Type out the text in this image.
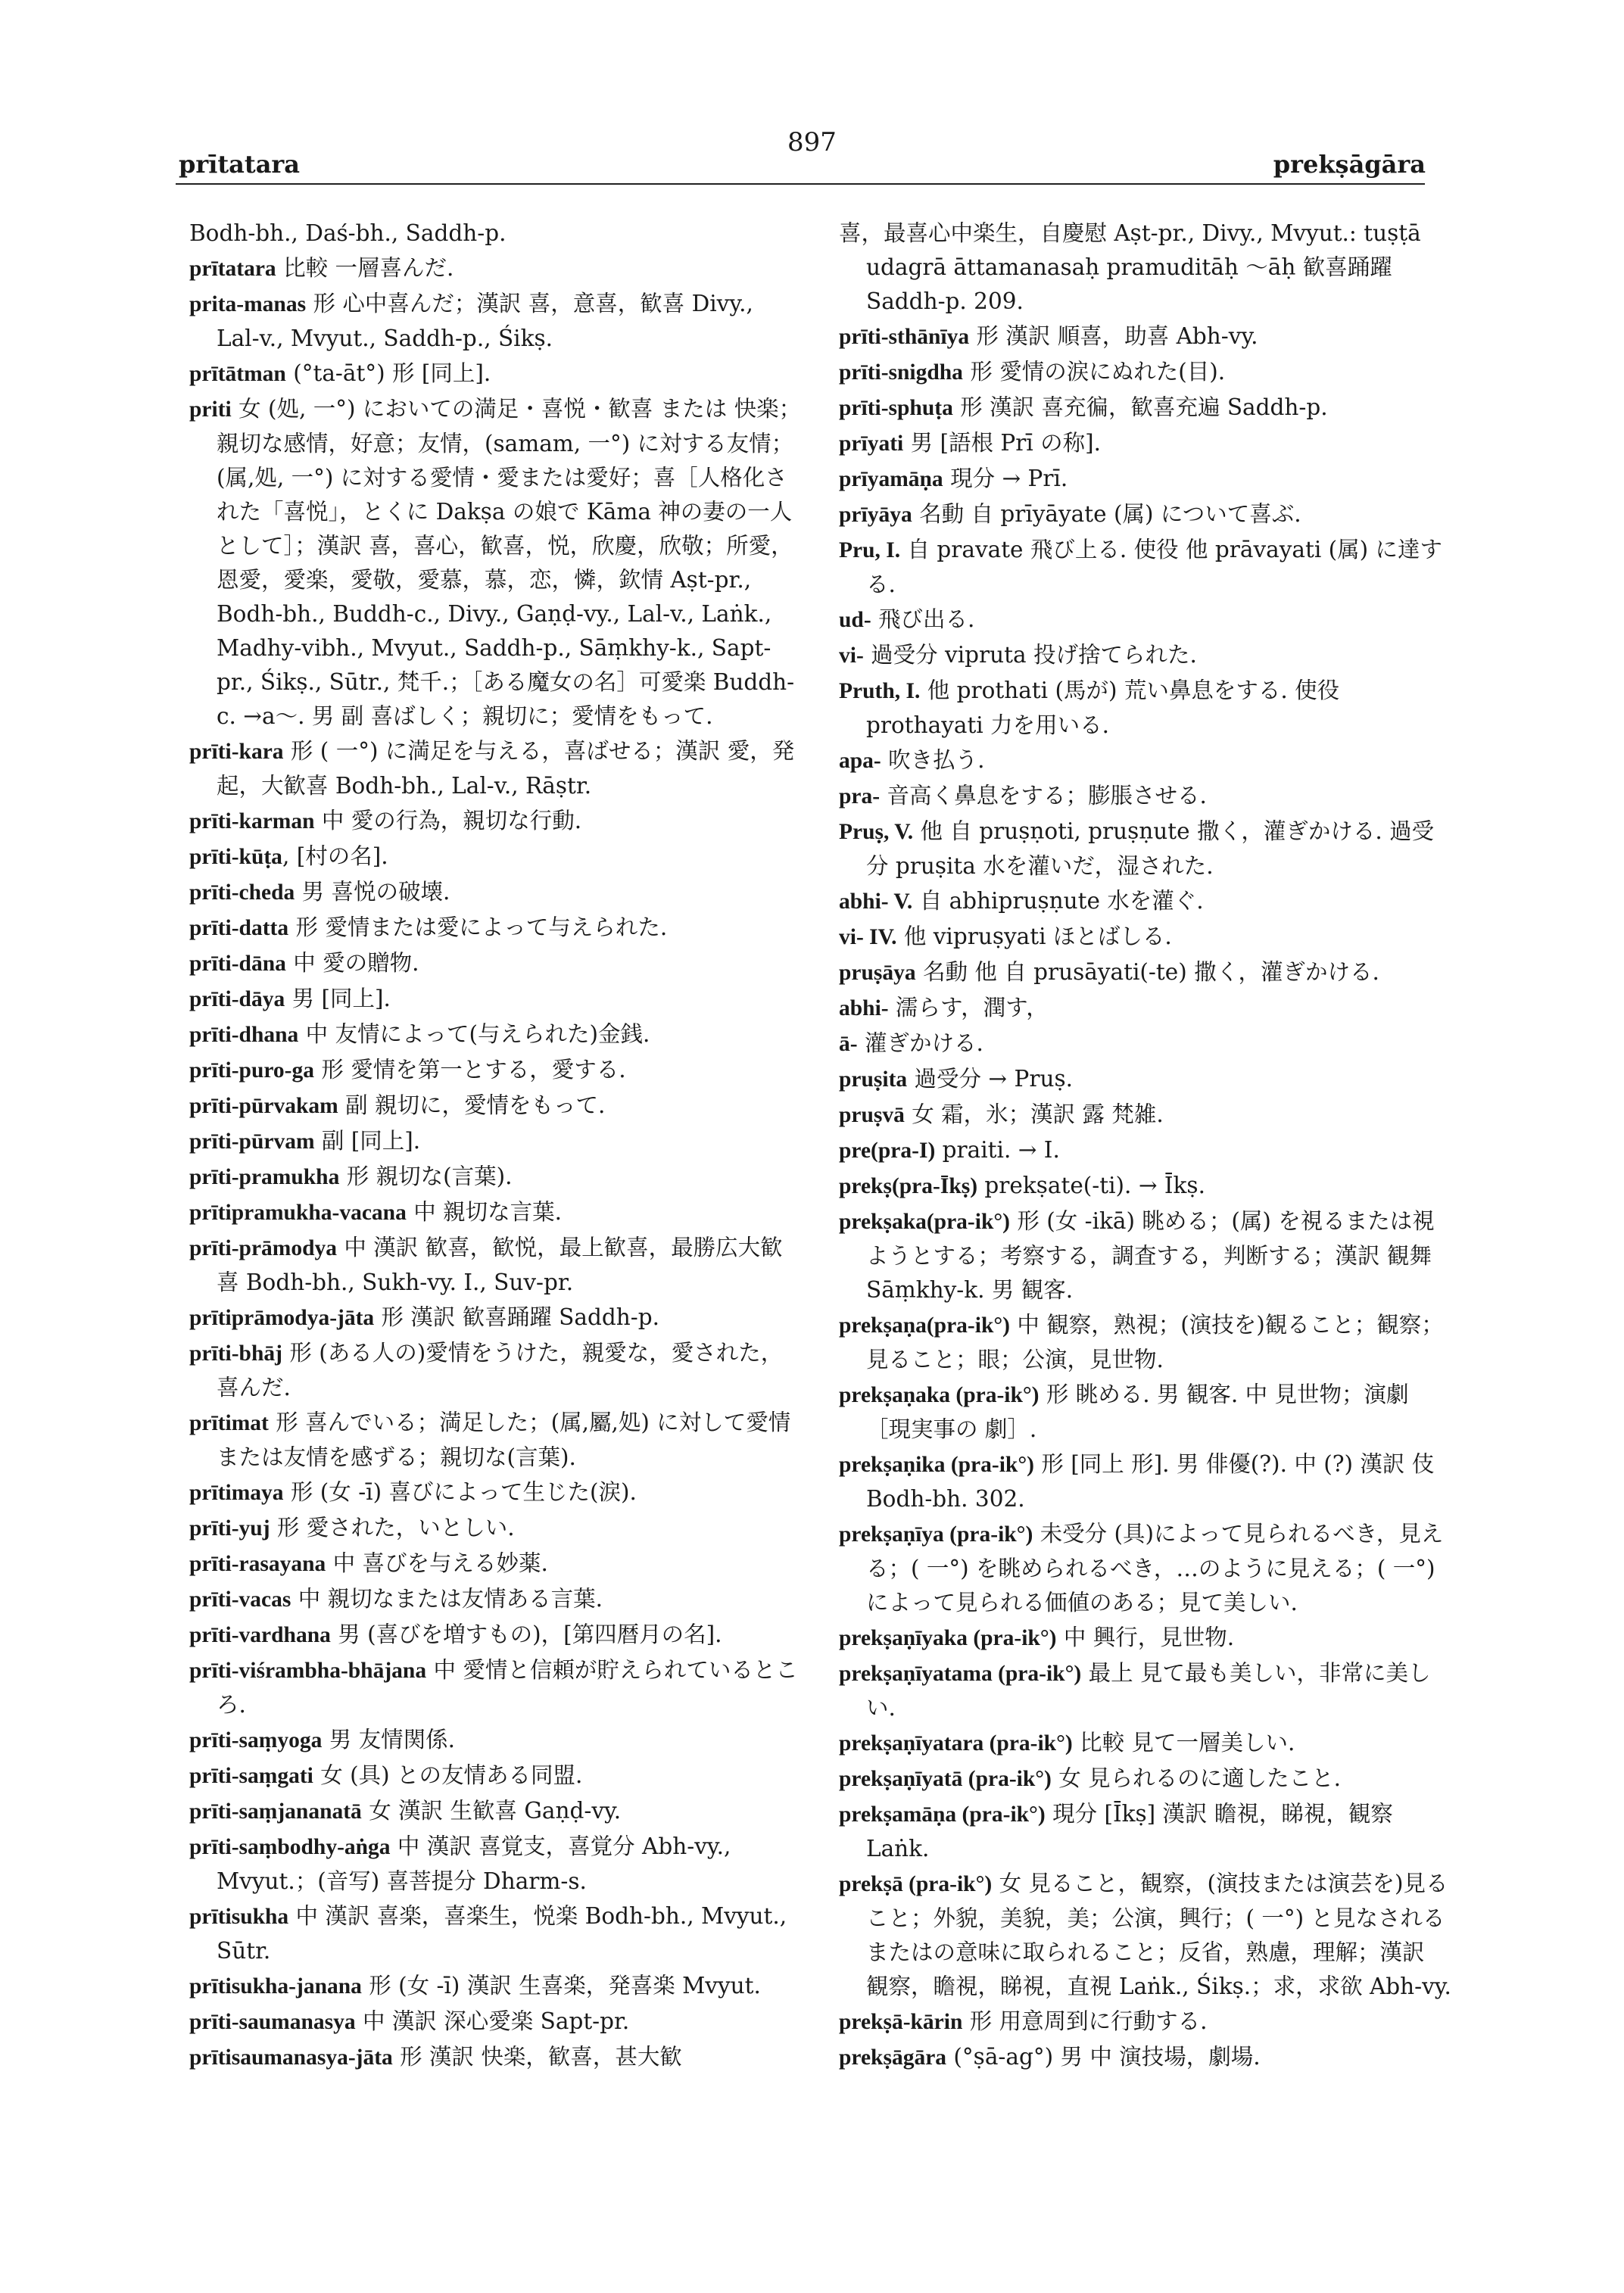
897
prītatara	prekṣāgāra
Bodh-bh., Daś-bh., Saddh-p.
prītatara 比較 一層喜んだ.
prita-manas 形 心中喜んだ；漢訳 喜，意喜，歓喜 Divy., Lal-v., Mvyut., Saddh-p., Śikṣ.
prītātman (°ta-āt°) 形 [同上].
priti 女 (処, 一°) においての満足・喜悦・歓喜 または 快楽；親切な感情，好意；友情，(samam, 一°) に対する友情；(属,処, 一°) に対する愛情・愛または愛好；喜［人格化された「喜悦」，とくに Dakṣa の娘で Kāma 神の妻の一人として］；漢訳 喜，喜心，歓喜，悦，欣慶，欣敬；所愛，恩愛，愛楽，愛敬，愛慕，慕，恋，憐，欽情 Aṣt-pr., Bodh-bh., Buddh-c., Divy., Gaṇḍ-vy., Lal-v., Laṅk., Madhy-vibh., Mvyut., Saddh-p., Sāṃkhy-k., Sapt-pr., Śikṣ., Sūtr., 梵千.；［ある魔女の名］可愛楽 Buddh-c. →a～. 男 副 喜ばしく；親切に；愛情をもって.
prīti-kara 形 ( 一°) に満足を与える，喜ばせる；漢訳 愛，発起，大歓喜 Bodh-bh., Lal-v., Rāṣtr.
prīti-karman 中 愛の行為，親切な行動.
prīti-kūṭa, [村の名].
prīti-cheda 男 喜悦の破壊.
prīti-datta 形 愛情または愛によって与えられた.
prīti-dāna 中 愛の贈物.
prīti-dāya 男 [同上].
prīti-dhana 中 友情によって(与えられた)金銭.
prīti-puro-ga 形 愛情を第一とする，愛する.
prīti-pūrvakam 副 親切に，愛情をもって.
prīti-pūrvam 副 [同上].
prīti-pramukha 形 親切な(言葉).
prītipramukha-vacana 中 親切な言葉.
prīti-prāmodya 中 漢訳 歓喜，歓悦，最上歓喜，最勝広大歓喜 Bodh-bh., Sukh-vy. I., Suv-pr.
prītiprāmodya-jāta 形 漢訳 歓喜踊躍 Saddh-p.
prīti-bhāj 形 (ある人の)愛情をうけた，親愛な，愛された，喜んだ.
prītimat 形 喜んでいる；満足した；(属,屬,処) に対して愛情または友情を感ずる；親切な(言葉).
prītimaya 形 (女 -ī) 喜びによって生じた(涙).
prīti-yuj 形 愛された，いとしい.
prīti-rasayana 中 喜びを与える妙薬.
prīti-vacas 中 親切なまたは友情ある言葉.
prīti-vardhana 男 (喜びを増すもの)，[第四暦月の名].
prīti-viśrambha-bhājana 中 愛情と信頼が貯えられているところ.
prīti-saṃyoga 男 友情関係.
prīti-saṃgati 女 (具) との友情ある同盟.
prīti-saṃjananatā 女 漢訳 生歓喜 Gaṇḍ-vy.
prīti-saṃbodhy-aṅga 中 漢訳 喜覚支，喜覚分 Abh-vy., Mvyut.；(音写) 喜菩提分 Dharm-s.
prītisukha 中 漢訳 喜楽，喜楽生，悦楽 Bodh-bh., Mvyut., Sūtr.
prītisukha-janana 形 (女 -ī) 漢訳 生喜楽，発喜楽 Mvyut.
prīti-saumanasya 中 漢訳 深心愛楽 Sapt-pr.
prītisaumanasya-jāta 形 漢訳 快楽，歓喜，甚大歓
喜，最喜心中楽生，自慶慰 Aṣt-pr., Divy., Mvyut.: tuṣṭā udagrā āttamanasaḥ pramuditāḥ ～āḥ 歓喜踊躍 Saddh-p. 209.
prīti-sthānīya 形 漢訳 順喜，助喜 Abh-vy.
prīti-snigdha 形 愛情の涙にぬれた(目).
prīti-sphuṭa 形 漢訳 喜充徧，歓喜充遍 Saddh-p.
prīyati 男 [語根 Prī の称].
prīyamāṇa 現分 → Prī.
prīyāya 名動 自 prīyāyate (属) について喜ぶ.
Pru, I. 自 pravate 飛び上る. 使役 他 prāvayati (属) に達する.
ud- 飛び出る.
vi- 過受分 vipruta 投げ捨てられた.
Pruth, I. 他 prothati (馬が) 荒い鼻息をする. 使役 prothayati 力を用いる.
apa- 吹き払う.
pra- 音高く鼻息をする；膨脹させる.
Pruṣ, V. 他 自 pruṣṇoti, pruṣṇute 撒く，灌ぎかける. 過受分 pruṣita 水を灌いだ，湿された.
abhi- V. 自 abhipruṣṇute 水を灌ぐ.
vi- IV. 他 vipruṣyati ほとばしる.
pruṣāya 名動 他 自 prusāyati(-te) 撒く，灌ぎかける.
abhi- 濡らす，潤す，
ā- 灌ぎかける.
pruṣita 過受分 → Pruṣ.
pruṣvā 女 霜，氷；漢訳 露 梵雑.
pre(pra-I) praiti. → I.
prekṣ(pra-Īkṣ) prekṣate(-ti). → Īkṣ.
prekṣaka(pra-ik°) 形 (女 -ikā) 眺める；(属) を視るまたは視ようとする；考察する，調査する，判断する；漢訳 観舞 Sāṃkhy-k. 男 観客.
prekṣaṇa(pra-ik°) 中 観察，熟視；(演技を)観ること；観察；見ること；眼；公演，見世物.
prekṣaṇaka (pra-ik°) 形 眺める. 男 観客. 中 見世物；演劇［現実事の 劇］.
prekṣaṇika (pra-ik°) 形 [同上 形]. 男 俳優(?). 中 (?) 漢訳 伎 Bodh-bh. 302.
prekṣaṇīya (pra-ik°) 未受分 (具)によって見られるべき，見える；( 一°) を眺められるべき，…のように見える；( 一°) によって見られる価値のある；見て美しい.
prekṣaṇīyaka (pra-ik°) 中 興行，見世物.
prekṣaṇīyatama (pra-ik°) 最上 見て最も美しい，非常に美しい.
prekṣaṇīyatara (pra-ik°) 比較 見て一層美しい.
prekṣaṇīyatā (pra-ik°) 女 見られるのに適したこと.
prekṣamāṇa (pra-ik°) 現分 [Īkṣ] 漢訳 瞻視，睇視，観察 Laṅk.
prekṣā (pra-ik°) 女 見ること，観察，(演技または演芸を)見ること；外貌，美貌，美；公演，興行；( 一°) と見なされるまたはの意味に取られること；反省，熟慮，理解；漢訳 観察，瞻視，睇視，直視 Laṅk., Śikṣ.；求，求欲 Abh-vy.
prekṣā-kārin 形 用意周到に行動する.
prekṣāgāra (°ṣā-ag°) 男 中 演技場，劇場.
